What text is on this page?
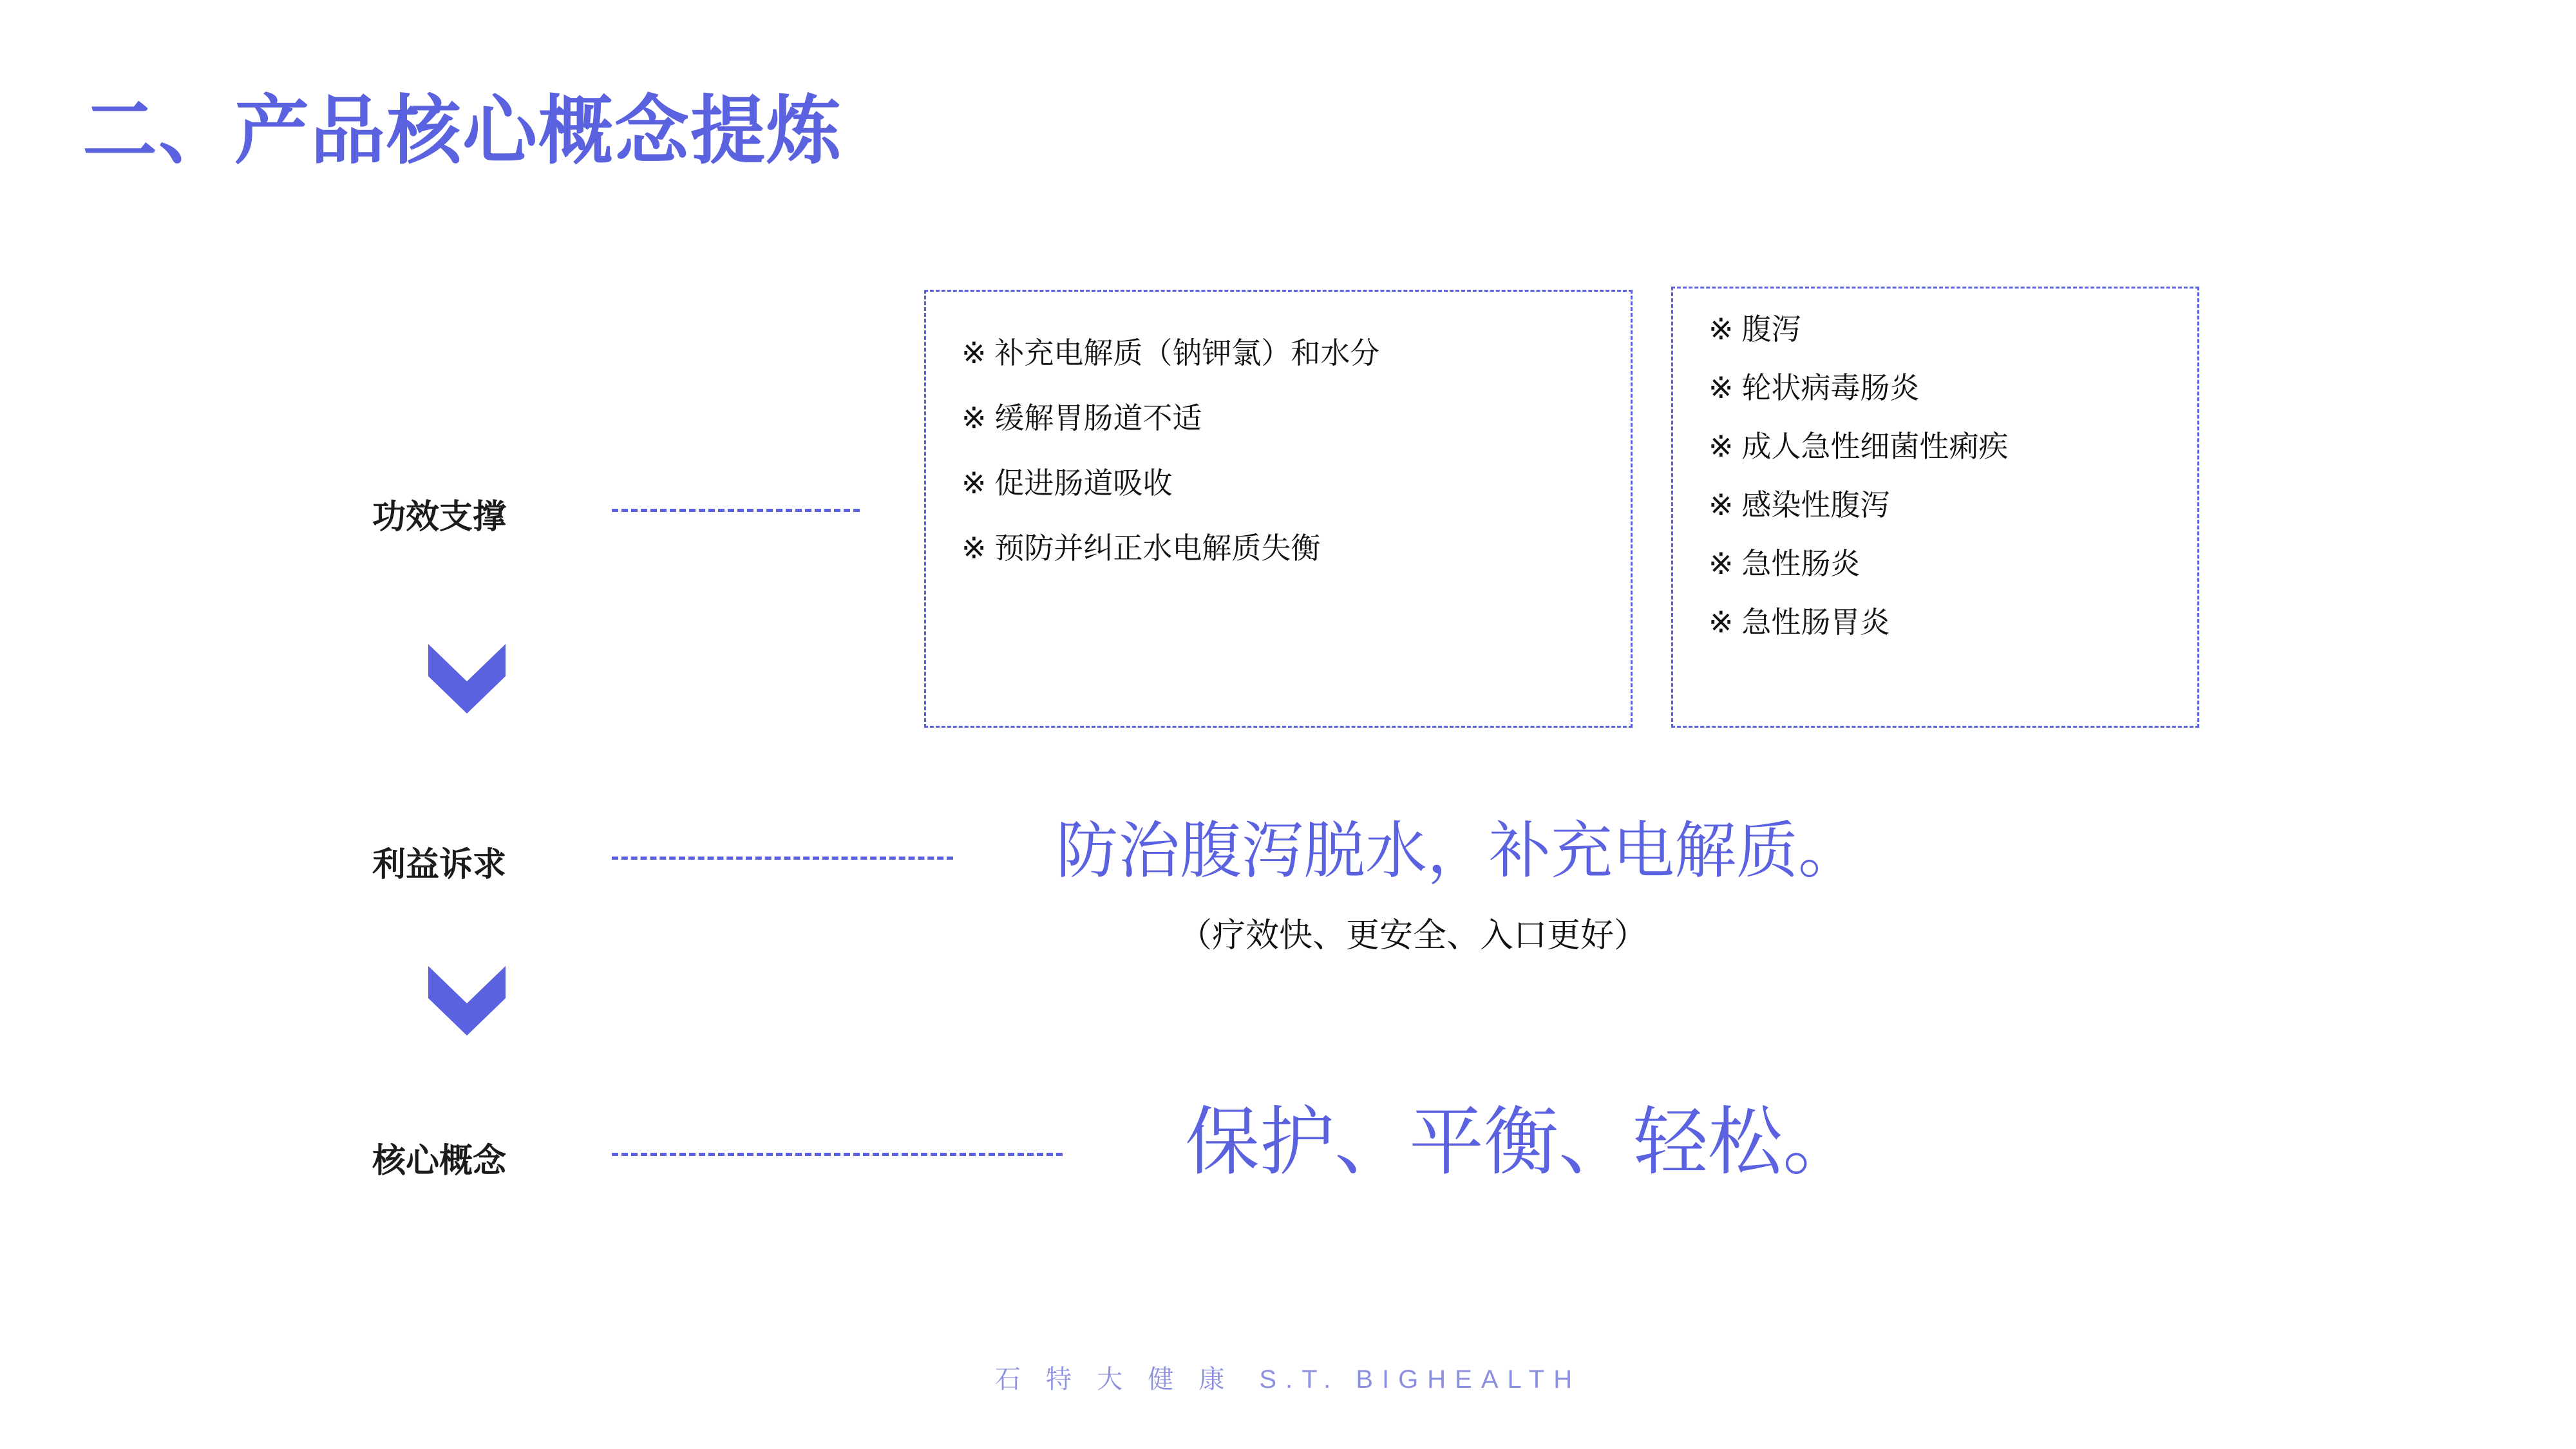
二、产品核心概念提炼
功效支撑
※ 补充电解质（钠钾氯）和水分
※ 缓解胃肠道不适
※ 促进肠道吸收
※ 预防并纠正水电解质失衡
※ 腹泻
※ 轮状病毒肠炎
※ 成人急性细菌性痢疾
※ 感染性腹泻
※ 急性肠炎
※ 急性肠胃炎
利益诉求	防治腹泻脱水，补充电解质。
（疗效快、更安全、入口更好）
核心概念	保护、平衡、轻松。
石 特 大 健 康 S.T. BIGHEALTH
